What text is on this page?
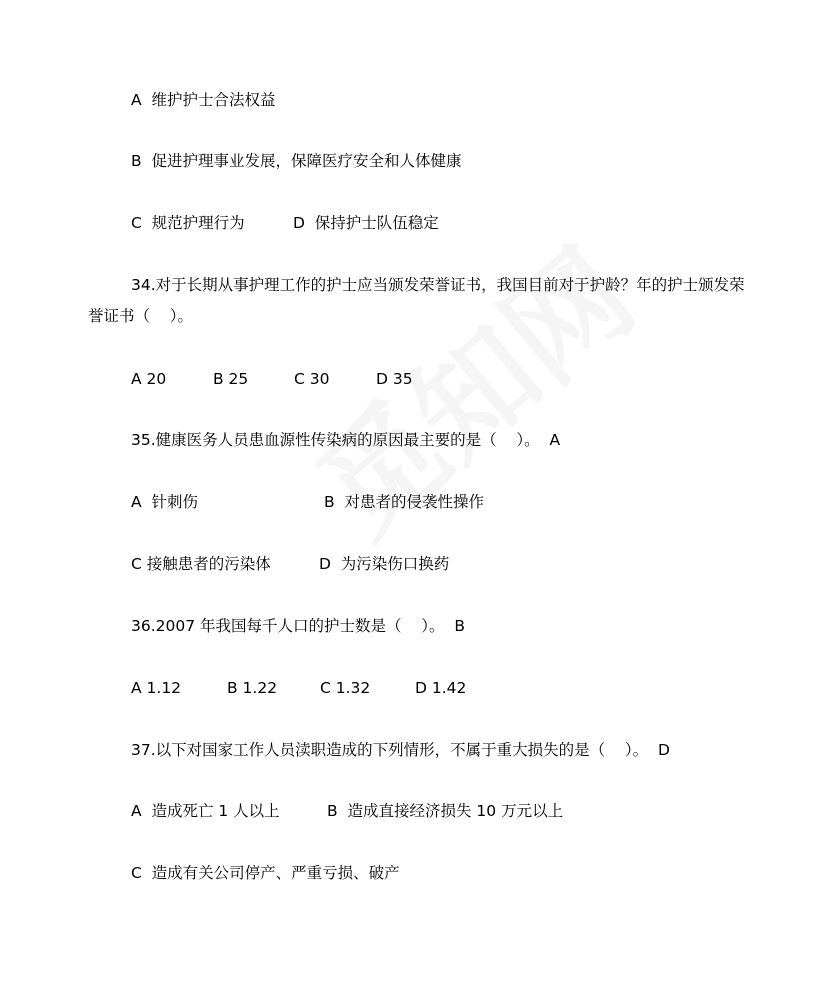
A  维护护士合法权益
B  促进护理事业发展，保障医疗安全和人体健康
C  规范护理行为	D  保持护士队伍稳定
34.对于长期从事护理工作的护士应当颁发荣誉证书，我国目前对于护龄？年的护士颁发荣
誉证书（    ）。
A 20	B 25	C 30	D 35
35.健康医务人员患血源性传染病的原因最主要的是（    ）。  A
A  针刺伤	B  对患者的侵袭性操作
C 接触患者的污染体	D  为污染伤口换药
36.2007 年我国每千人口的护士数是（    ）。  B
A 1.12	B 1.22	C 1.32	D 1.42
37.以下对国家工作人员渎职造成的下列情形，不属于重大损失的是（    ）。  D
A  造成死亡 1 人以上	B  造成直接经济损失 10 万元以上
C  造成有关公司停产、严重亏损、破产
